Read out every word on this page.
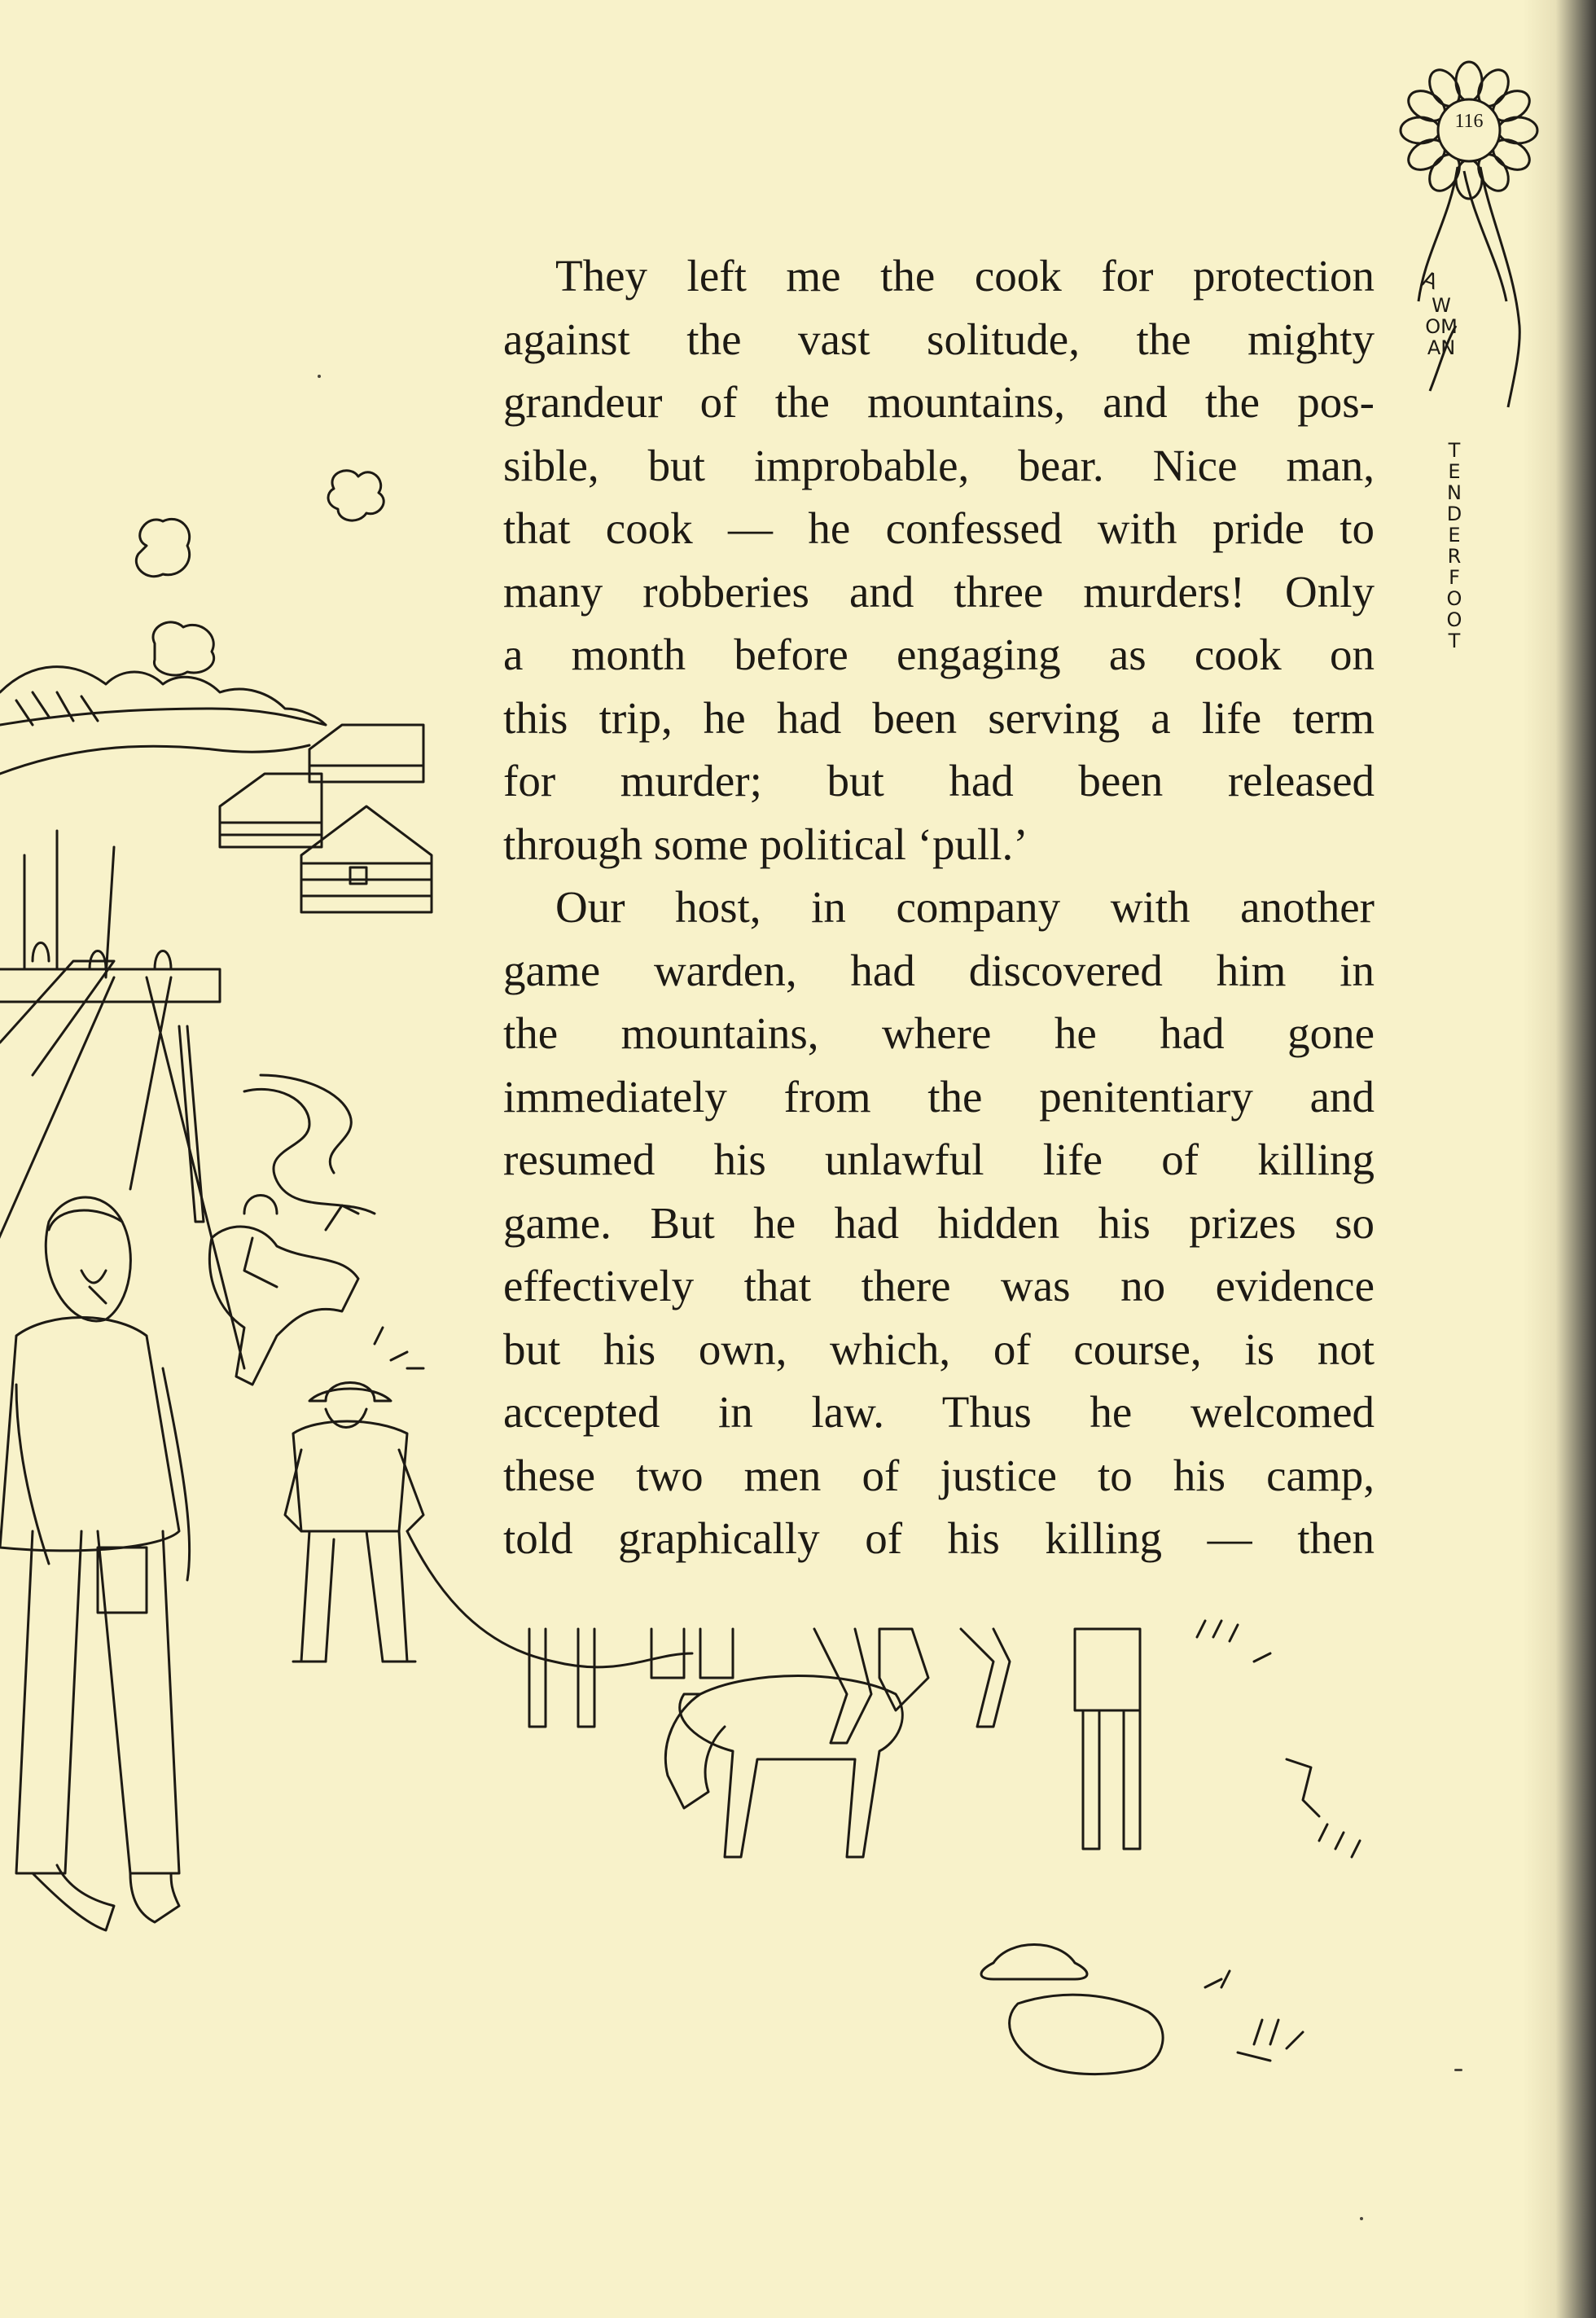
116
A
WOMAN
TENDERFOOT
They left me the cook for protection
against the vast solitude, the mighty
grandeur of the mountains, and the pos-
sible, but improbable, bear. Nice man,
that cook — he confessed with pride to
many robberies and three murders! Only
a month before engaging as cook on
this trip, he had been serving a life term
for murder; but had been released
through some political ‘pull.’
Our host, in company with another
game warden, had discovered him in
the mountains, where he had gone
immediately from the penitentiary and
resumed his unlawful life of killing
game. But he had hidden his prizes so
effectively that there was no evidence
but his own, which, of course, is not
accepted in law. Thus he welcomed
these two men of justice to his camp,
told graphically of his killing — then
